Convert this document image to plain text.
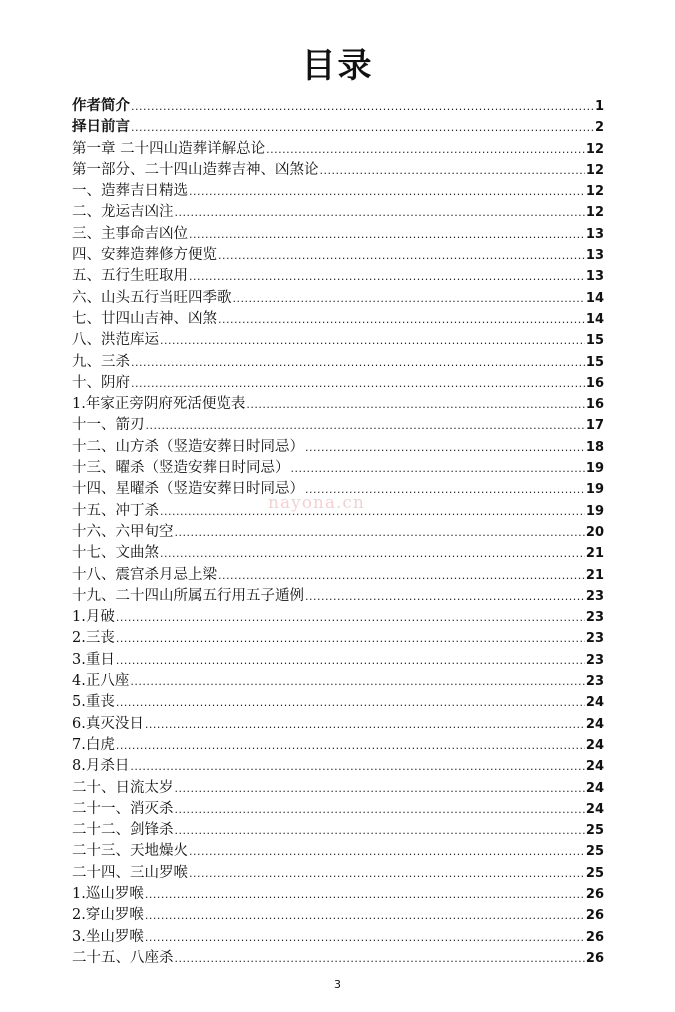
目录
作者简介 .....	1
择日前言 .....	2
第一章 二十四山造葬详解总论 .....	12
第一部分、二十四山造葬吉神、凶煞论 .....	12
一、造葬吉日精选 .....	12
二、龙运吉凶注 .....	12
三、主事命吉凶位 .....	13
四、安葬造葬修方便览 .....	13
五、五行生旺取用 .....	13
六、山头五行当旺四季歌 .....	14
七、廿四山吉神、凶煞 .....	14
八、洪范库运 .....	15
九、三杀 .....	15
十、阴府 .....	16
1.年家正旁阴府死活便览表 .....	16
十一、箭刃 .....	17
十二、山方杀（竖造安葬日时同忌） .....	18
十三、曜杀（竖造安葬日时同忌） .....	19
十四、星曜杀（竖造安葬日时同忌） .....	19
十五、冲丁杀 .....	19
十六、六甲旬空 .....	20
十七、文曲煞 .....	21
十八、震宫杀月忌上梁 .....	21
十九、二十四山所属五行用五子遁例 .....	23
1.月破 .....	23
2.三丧 .....	23
3.重日 .....	23
4.正八座 .....	23
5.重丧 .....	24
6.真灭没日 .....	24
7.白虎 .....	24
8.月杀日 .....	24
二十、日流太岁 .....	24
二十一、消灭杀 .....	24
二十二、剑锋杀 .....	25
二十三、天地燥火 .....	25
二十四、三山罗喉 .....	25
1.巡山罗喉 .....	26
2.穿山罗喉 .....	26
3.坐山罗喉 .....	26
二十五、八座杀 .....	26
nayona.cn
3
